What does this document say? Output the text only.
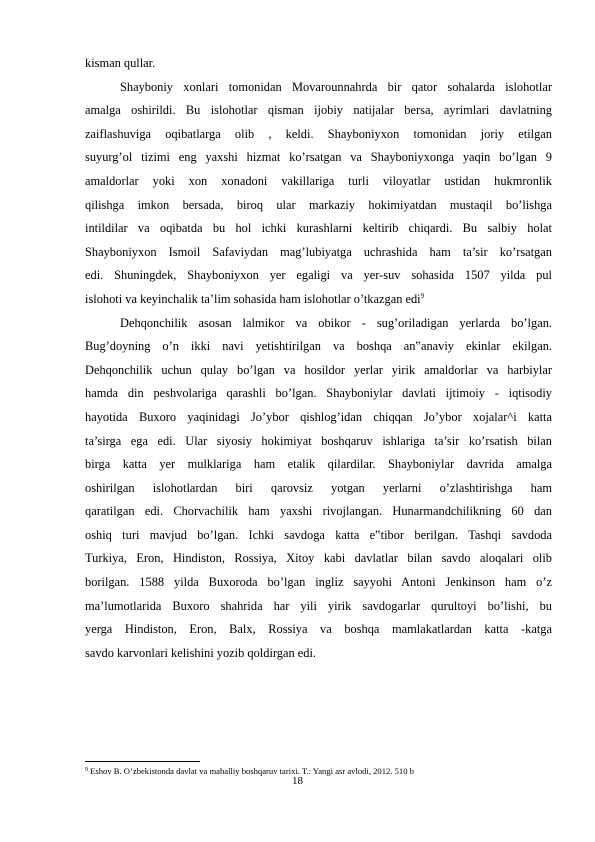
kisman qullar.
Shayboniy xonlari tomonidan Movarounnahrda bir qator sohalarda islohotlar
amalga oshirildi. Bu islohotlar qisman ijobiy natijalar bersa, ayrimlari davlatning
zaiflashuviga oqibatlarga olib , keldi. Shayboniyxon tomonidan joriy etilgan
suyurg’ol tizimi eng yaxshi hizmat ko’rsatgan va Shayboniyxonga yaqin bo’lgan 9
amaldorlar yoki xon xonadoni vakillariga turli viloyatlar ustidan hukmronlik
qilishga imkon bersada, biroq ular markaziy hokimiyatdan mustaqil bo’lishga
intildilar va oqibatda bu hol ichki kurashlarni keltirib chiqardi. Bu salbiy holat
Shayboniyxon Ismoil Safaviydan mag’lubiyatga uchrashida ham ta’sir ko’rsatgan
edi. Shuningdek, Shayboniyxon yer egaligi va yer-suv sohasida 1507 yilda pul
islohoti va keyinchalik ta’lim sohasida ham islohotlar o’tkazgan edi$^9$
Dehqonchilik asosan lalmikor va obikor - sug’oriladigan yerlarda bo’lgan.
Bug’doyning o’n ikki navi yetishtirilgan va boshqa an‟anaviy ekinlar ekilgan.
Dehqonchilik uchun qulay bo’lgan va hosildor yerlar yirik amaldorlar va harbiylar
hamda din peshvolariga qarashli bo’lgan. Shayboniylar davlati ijtimoiy - iqtisodiy
hayotida Buxoro yaqinidagi Jo’ybor qishlog’idan chiqqan Jo’ybor xojalar^i katta
ta’sirga ega edi. Ular siyosiy hokimiyat boshqaruv ishlariga ta’sir ko’rsatish bilan
birga katta yer mulklariga ham etalik qilardilar. Shayboniylar davrida amalga
oshirilgan islohotlardan biri qarovsiz yotgan yerlarni o’zlashtirishga ham
qaratilgan edi. Chorvachilik ham yaxshi rivojlangan. Hunarmandchilikning 60 dan
oshiq turi mavjud bo’lgan. Ichki savdoga katta e‟tibor berilgan. Tashqi savdoda
Turkiya, Eron, Hindiston, Rossiya, Xitoy kabi davlatlar bilan savdo aloqalari olib
borilgan. 1588 yilda Buxoroda bo’lgan ingliz sayyohi Antoni Jenkinson ham o’z
ma’lumotlarida Buxoro shahrida har yili yirik savdogarlar qurultoyi bo’lishi, bu
yerga Hindiston, Eron, Balx, Rossiya va boshqa mamlakatlardan katta -katga
savdo karvonlari kelishini yozib qoldirgan edi.
$^9$ Eshov B. O’zbekistonda davlat va mahalliy boshqaruv tarixi. T.: Yangi asr avlodi, 2012. 510 b
18
